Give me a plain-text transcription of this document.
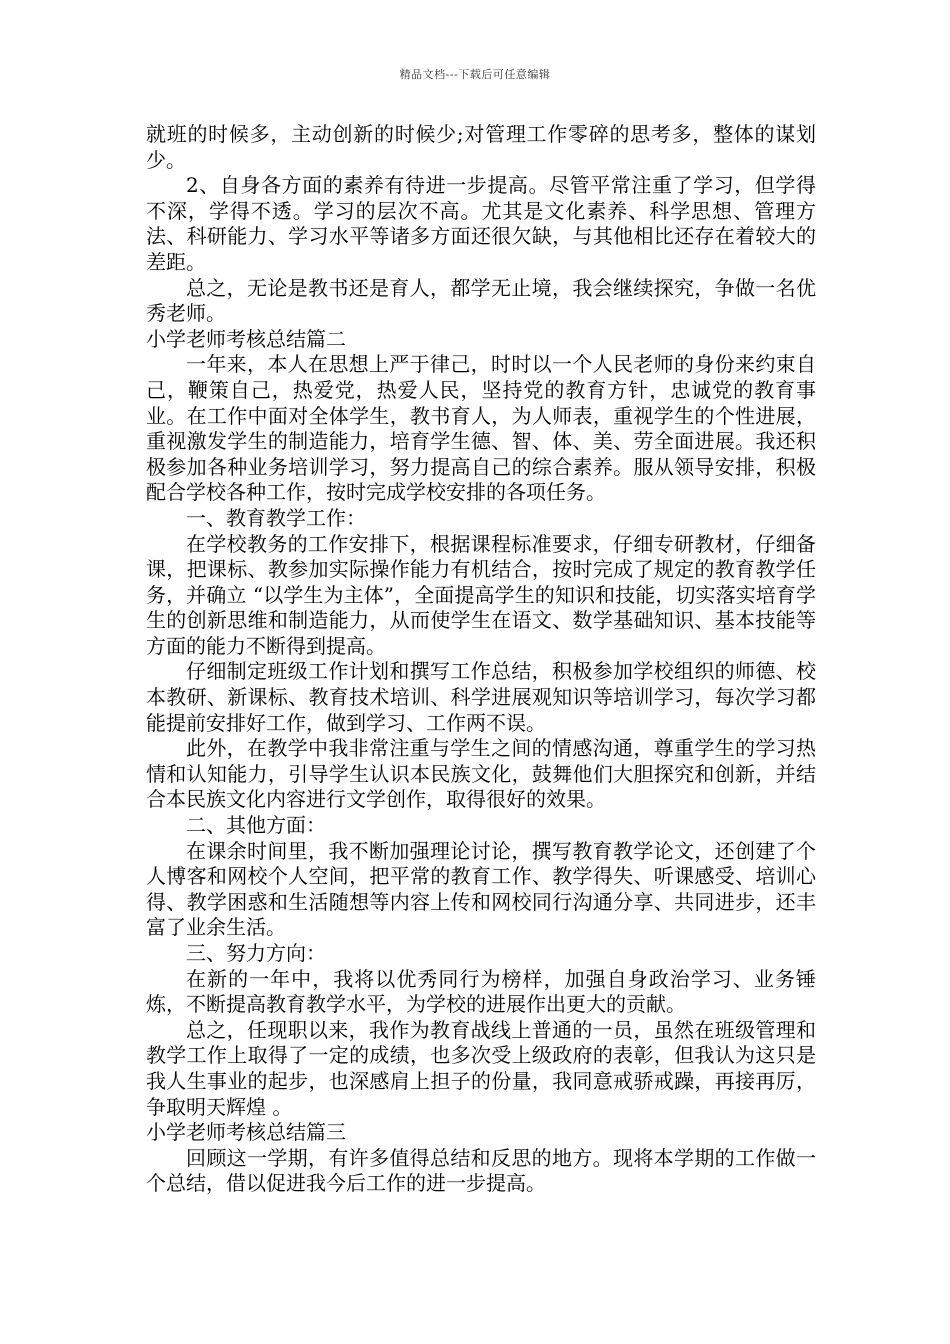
精品文档---下载后可任意编辑

就班的时候多，主动创新的时候少;对管理工作零碎的思考多，整体的谋划少。

2、自身各方面的素养有待进一步提高。尽管平常注重了学习，但学得不深，学得不透。学习的层次不高。尤其是文化素养、科学思想、管理方法、科研能力、学习水平等诸多方面还很欠缺，与其他相比还存在着较大的差距。

总之，无论是教书还是育人，都学无止境，我会继续探究，争做一名优秀老师。

小学老师考核总结篇二

一年来，本人在思想上严于律己，时时以一个人民老师的身份来约束自己，鞭策自己，热爱党，热爱人民，坚持党的教育方针，忠诚党的教育事业。在工作中面对全体学生，教书育人，为人师表，重视学生的个性进展，重视激发学生的制造能力，培育学生德、智、体、美、劳全面进展。我还积极参加各种业务培训学习，努力提高自己的综合素养。服从领导安排，积极配合学校各种工作，按时完成学校安排的各项任务。

一、教育教学工作：

在学校教务的工作安排下，根据课程标准要求，仔细专研教材，仔细备课，把课标、教参加实际操作能力有机结合，按时完成了规定的教育教学任务，并确立 “以学生为主体”，全面提高学生的知识和技能，切实落实培育学生的创新思维和制造能力，从而使学生在语文、数学基础知识、基本技能等方面的能力不断得到提高。

仔细制定班级工作计划和撰写工作总结，积极参加学校组织的师德、校本教研、新课标、教育技术培训、科学进展观知识等培训学习，每次学习都能提前安排好工作，做到学习、工作两不误。

此外，在教学中我非常注重与学生之间的情感沟通，尊重学生的学习热情和认知能力，引导学生认识本民族文化，鼓舞他们大胆探究和创新，并结合本民族文化内容进行文学创作，取得很好的效果。

二、其他方面：

在课余时间里，我不断加强理论讨论，撰写教育教学论文，还创建了个人博客和网校个人空间，把平常的教育工作、教学得失、听课感受、培训心得、教学困惑和生活随想等内容上传和网校同行沟通分享、共同进步，还丰富了业余生活。

三、努力方向：

在新的一年中，我将以优秀同行为榜样，加强自身政治学习、业务锤炼，不断提高教育教学水平，为学校的进展作出更大的贡献。

总之，任现职以来，我作为教育战线上普通的一员，虽然在班级管理和教学工作上取得了一定的成绩，也多次受上级政府的表彰，但我认为这只是我人生事业的起步，也深感肩上担子的份量，我同意戒骄戒躁，再接再厉，争取明天辉煌 。

小学老师考核总结篇三

回顾这一学期，有许多值得总结和反思的地方。现将本学期的工作做一个总结，借以促进我今后工作的进一步提高。
